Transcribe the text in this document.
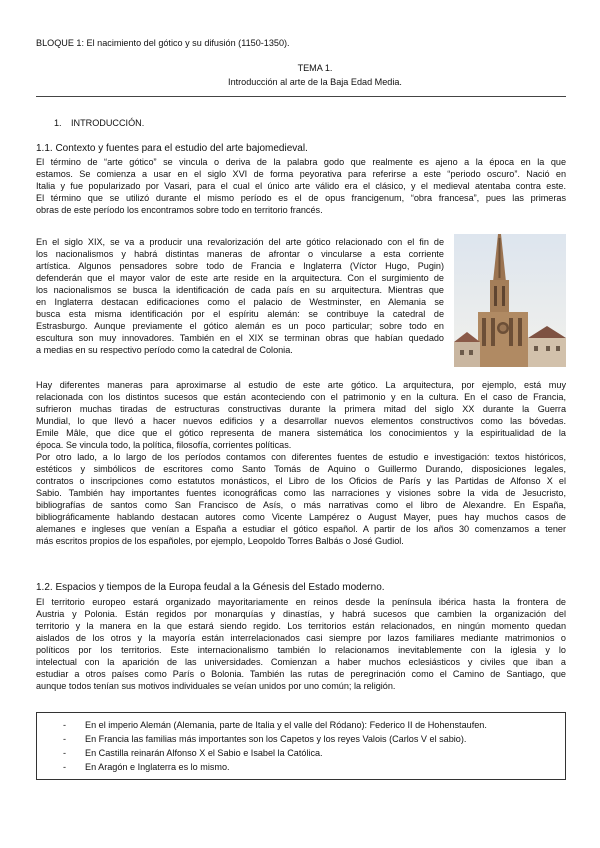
BLOQUE 1: El nacimiento del gótico y su difusión (1150-1350).
TEMA 1.
Introducción al arte de la Baja Edad Media.
1. INTRODUCCIÓN.
1.1. Contexto y fuentes para el estudio del arte bajomedieval.
El término de “arte gótico” se vincula o deriva de la palabra godo que realmente es ajeno a la época en la que
estamos. Se comienza a usar en el siglo XVI de forma peyorativa para referirse a este “periodo oscuro”. Nació en
Italia y fue popularizado por Vasari, para el cual el único arte válido era el clásico, y el medieval atentaba contra este.
El término que se utilizó durante el mismo período es el de opus francigenum, “obra francesa”, pues las primeras
obras de este período los encontramos sobre todo en territorio francés.
En el siglo XIX, se va a producir una revalorización del arte gótico relacionado con el fin de
los nacionalismos y habrá distintas maneras de afrontar o vincularse a esta corriente
artística. Algunos pensadores sobre todo de Francia e Inglaterra (Víctor Hugo, Pugin)
defenderán que el mayor valor de este arte reside en la arquitectura. Con el surgimiento de
los nacionalismos se busca la identificación de cada país en su arquitectura. Mientras que
en Inglaterra destacan edificaciones como el palacio de Westminster, en Alemania se
busca esta misma identificación por el espíritu alemán: se contribuye la catedral de
Estrasburgo. Aunque previamente el gótico alemán es un poco particular; sobre todo en
escultura son muy innovadores. También en el XIX se terminan obras que habían quedado
a medias en su respectivo período como la catedral de Colonia.
Hay diferentes maneras para aproximarse al estudio de este arte gótico. La arquitectura, por ejemplo, está muy
relacionada con los distintos sucesos que están aconteciendo con el patrimonio y en la cultura. En el caso de Francia,
sufrieron muchas tiradas de estructuras constructivas durante la primera mitad del siglo XX durante la Guerra
Mundial, lo que llevó a hacer nuevos edificios y a desarrollar nuevos elementos constructivos como las bóvedas.
Emile Mâle, que dice que el gótico representa de manera sistemática los conocimientos y la espiritualidad de la
época. Se vincula todo, la política, filosofía, corrientes políticas.
Por otro lado, a lo largo de los períodos contamos con diferentes fuentes de estudio e investigación: textos históricos,
estéticos y simbólicos de escritores como Santo Tomás de Aquino o Guillermo Durando, disposiciones legales,
contratos o inscripciones como estatutos monásticos, el Libro de los Oficios de París y las Partidas de Alfonso X el
Sabio. También hay importantes fuentes iconográficas como las narraciones y visiones sobre la vida de Jesucristo,
bibliografías de santos como San Francisco de Asís, o más narrativas como el libro de Alexandre. En España,
bibliográficamente hablando destacan autores como Vicente Lampérez o August Mayer, pues hay muchos casos de
alemanes e ingleses que venían a España a estudiar el gótico español. A partir de los años 30 comenzamos a tener
más escritos propios de los españoles, por ejemplo, Leopoldo Torres Balbás o José Gudiol.
1.2. Espacios y tiempos de la Europa feudal a la Génesis del Estado moderno.
El territorio europeo estará organizado mayoritariamente en reinos desde la península ibérica hasta la frontera de
Austria y Polonia. Están regidos por monarquías y dinastías, y habrá sucesos que cambien la organización del
territorio y la manera en la que estará siendo regido. Los territorios están relacionados, en ningún momento quedan
aislados de los otros y la mayoría están interrelacionados casi siempre por lazos familiares mediante matrimonios o
políticos por los territorios. Este internacionalismo también lo relacionamos inevitablemente con la iglesia y lo
intelectual con la aparición de las universidades. Comienzan a haber muchos eclesiásticos y civiles que iban a
estudiar a otros países como París o Bolonia. También las rutas de peregrinación como el Camino de Santiago, que
aunque todos tenían sus motivos individuales se veían unidos por uno común; la religión.
- En el imperio Alemán (Alemania, parte de Italia y el valle del Ródano): Federico II de Hohenstaufen.
- En Francia las familias más importantes son los Capetos y los reyes Valois (Carlos V el sabio).
- En Castilla reinarán Alfonso X el Sabio e Isabel la Católica.
- En Aragón e Inglaterra es lo mismo.
